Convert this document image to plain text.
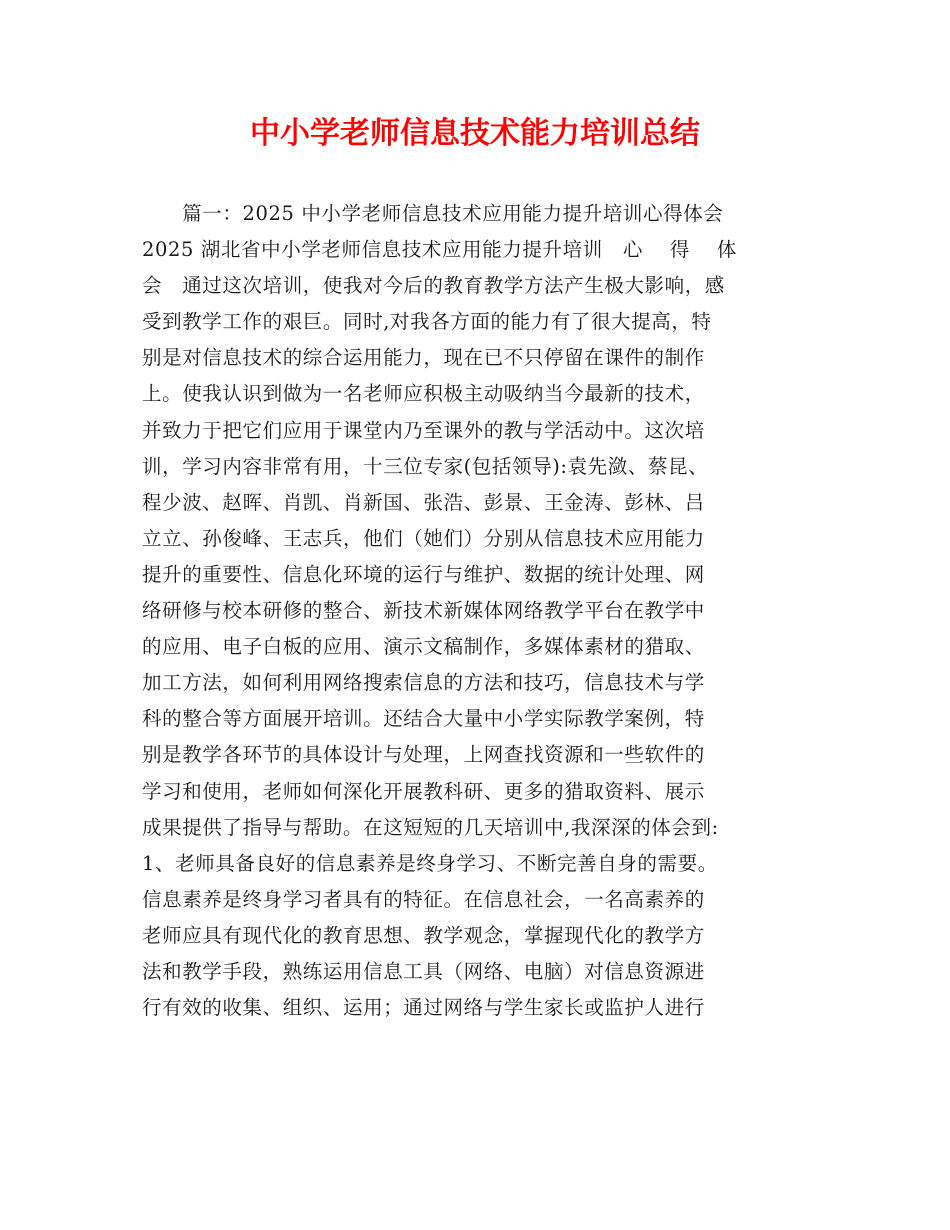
中小学老师信息技术能力培训总结
　　篇一：2025 中小学老师信息技术应用能力提升培训心得体会
2025 湖北省中小学老师信息技术应用能力提升培训　心　 得 　体
会　通过这次培训，使我对今后的教育教学方法产生极大影响，感
受到教学工作的艰巨。同时,对我各方面的能力有了很大提高，特
别是对信息技术的综合运用能力，现在已不只停留在课件的制作
上。使我认识到做为一名老师应积极主动吸纳当今最新的技术，
并致力于把它们应用于课堂内乃至课外的教与学活动中。这次培
训，学习内容非常有用，十三位专家(包括领导):袁先潋、蔡昆、
程少波、赵晖、肖凯、肖新国、张浩、彭景、王金涛、彭林、吕
立立、孙俊峰、王志兵，他们（她们）分别从信息技术应用能力
提升的重要性、信息化环境的运行与维护、数据的统计处理、网
络研修与校本研修的整合、新技术新媒体网络教学平台在教学中
的应用、电子白板的应用、演示文稿制作，多媒体素材的猎取、
加工方法，如何利用网络搜索信息的方法和技巧，信息技术与学
科的整合等方面展开培训。还结合大量中小学实际教学案例，特
别是教学各环节的具体设计与处理，上网查找资源和一些软件的
学习和使用，老师如何深化开展教科研、更多的猎取资料、展示
成果提供了指导与帮助。在这短短的几天培训中,我深深的体会到:
1、老师具备良好的信息素养是终身学习、不断完善自身的需要。
信息素养是终身学习者具有的特征。在信息社会，一名高素养的
老师应具有现代化的教育思想、教学观念，掌握现代化的教学方
法和教学手段，熟练运用信息工具（网络、电脑）对信息资源进
行有效的收集、组织、运用；通过网络与学生家长或监护人进行
